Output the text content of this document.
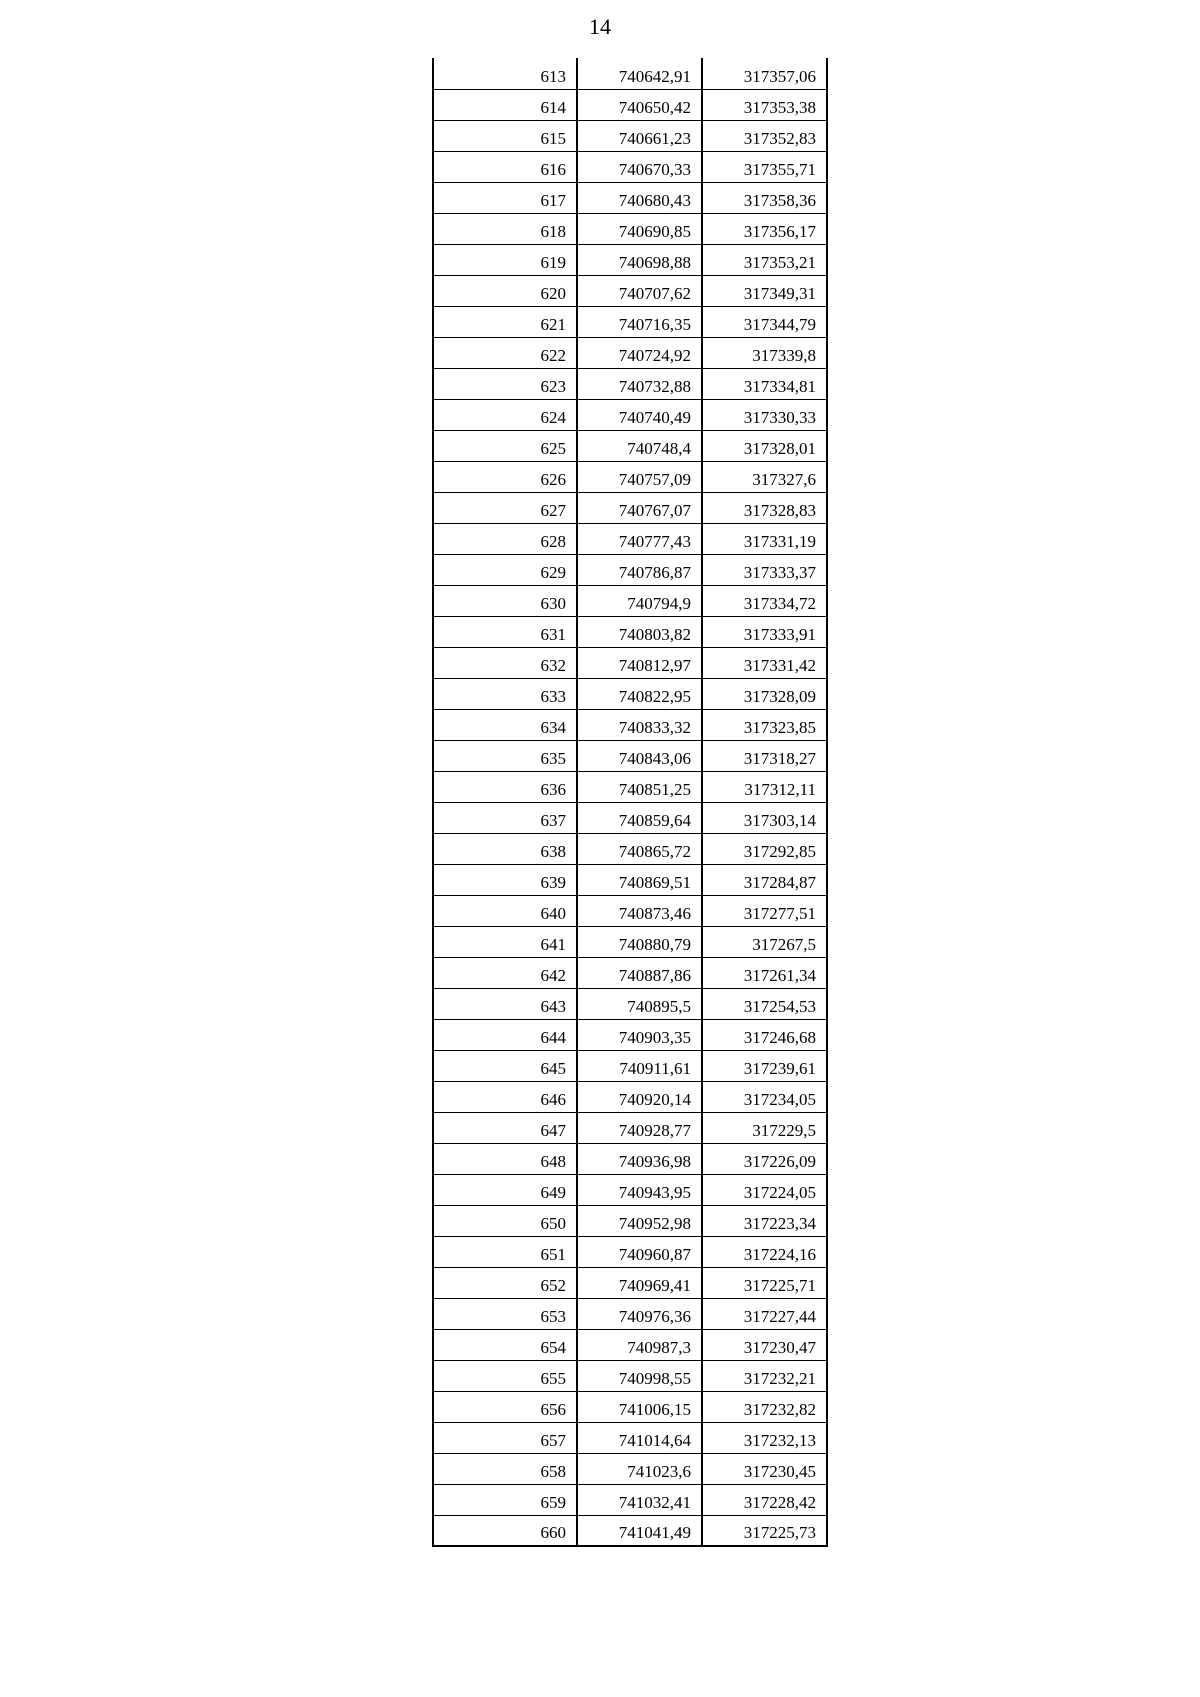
14
613	740642,91	317357,06
614	740650,42	317353,38
615	740661,23	317352,83
616	740670,33	317355,71
617	740680,43	317358,36
618	740690,85	317356,17
619	740698,88	317353,21
620	740707,62	317349,31
621	740716,35	317344,79
622	740724,92	317339,8
623	740732,88	317334,81
624	740740,49	317330,33
625	740748,4	317328,01
626	740757,09	317327,6
627	740767,07	317328,83
628	740777,43	317331,19
629	740786,87	317333,37
630	740794,9	317334,72
631	740803,82	317333,91
632	740812,97	317331,42
633	740822,95	317328,09
634	740833,32	317323,85
635	740843,06	317318,27
636	740851,25	317312,11
637	740859,64	317303,14
638	740865,72	317292,85
639	740869,51	317284,87
640	740873,46	317277,51
641	740880,79	317267,5
642	740887,86	317261,34
643	740895,5	317254,53
644	740903,35	317246,68
645	740911,61	317239,61
646	740920,14	317234,05
647	740928,77	317229,5
648	740936,98	317226,09
649	740943,95	317224,05
650	740952,98	317223,34
651	740960,87	317224,16
652	740969,41	317225,71
653	740976,36	317227,44
654	740987,3	317230,47
655	740998,55	317232,21
656	741006,15	317232,82
657	741014,64	317232,13
658	741023,6	317230,45
659	741032,41	317228,42
660	741041,49	317225,73
